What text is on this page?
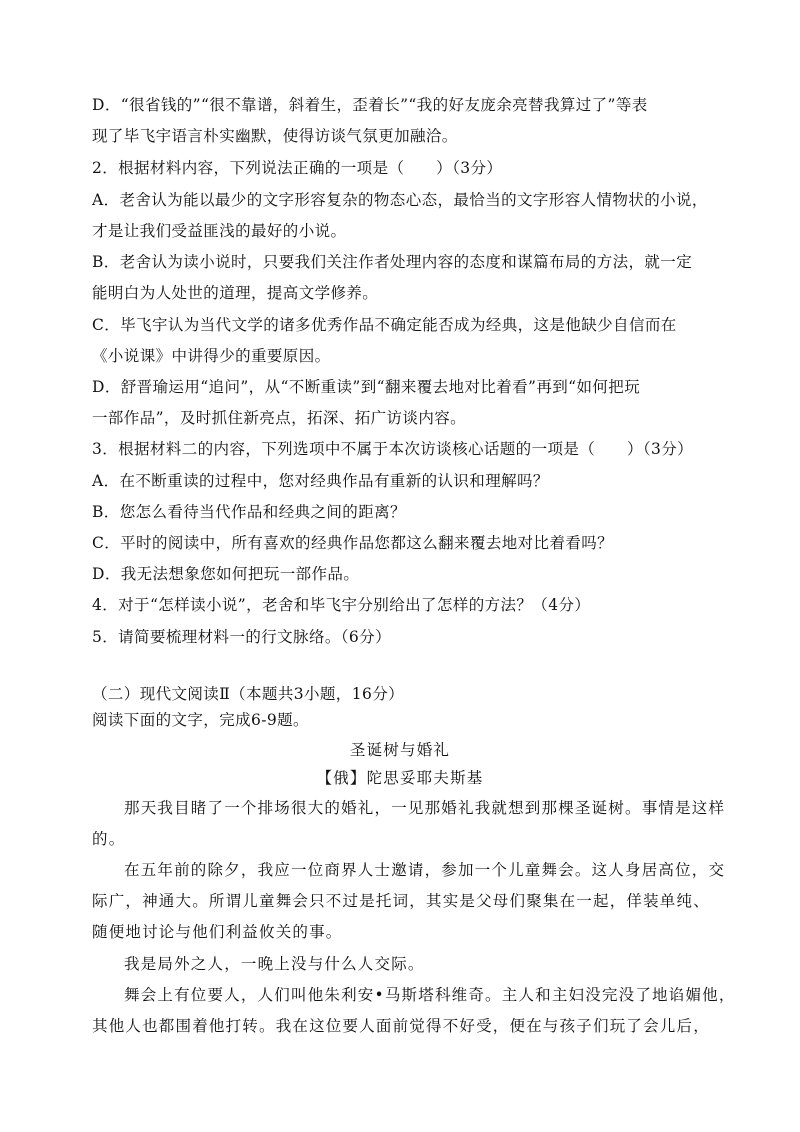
D．“很省钱的”“很不靠谱，斜着生，歪着长”“我的好友庞余亮替我算过了”等表
现了毕飞宇语言朴实幽默，使得访谈气氛更加融洽。
2．根据材料内容，下列说法正确的一项是（　　）（3分）
A．老舍认为能以最少的文字形容复杂的物态心态，最恰当的文字形容人情物状的小说，
才是让我们受益匪浅的最好的小说。
B．老舍认为读小说时，只要我们关注作者处理内容的态度和谋篇布局的方法，就一定
能明白为人处世的道理，提高文学修养。
C．毕飞宇认为当代文学的诸多优秀作品不确定能否成为经典，这是他缺少自信而在
《小说课》中讲得少的重要原因。
D．舒晋瑜运用“追问”，从“不断重读”到“翻来覆去地对比着看”再到“如何把玩
一部作品”，及时抓住新亮点，拓深、拓广访谈内容。
3．根据材料二的内容，下列选项中不属于本次访谈核心话题的一项是（　　）（3分）
A．在不断重读的过程中，您对经典作品有重新的认识和理解吗？
B．您怎么看待当代作品和经典之间的距离？
C．平时的阅读中，所有喜欢的经典作品您都这么翻来覆去地对比着看吗？
D．我无法想象您如何把玩一部作品。
4．对于“怎样读小说”，老舍和毕飞宇分别给出了怎样的方法？（4分）
5．请简要梳理材料一的行文脉络。（6分）
（二）现代文阅读Ⅱ（本题共3小题，16分）
阅读下面的文字，完成6-9题。
圣诞树与婚礼
【俄】陀思妥耶夫斯基
那天我目睹了一个排场很大的婚礼，一见那婚礼我就想到那棵圣诞树。事情是这样
的。
在五年前的除夕，我应一位商界人士邀请，参加一个儿童舞会。这人身居高位，交
际广，神通大。所谓儿童舞会只不过是托词，其实是父母们聚集在一起，佯装单纯、
随便地讨论与他们利益攸关的事。
我是局外之人，一晚上没与什么人交际。
舞会上有位要人，人们叫他朱利安•马斯塔科维奇。主人和主妇没完没了地谄媚他，
其他人也都围着他打转。我在这位要人面前觉得不好受，便在与孩子们玩了会儿后，
